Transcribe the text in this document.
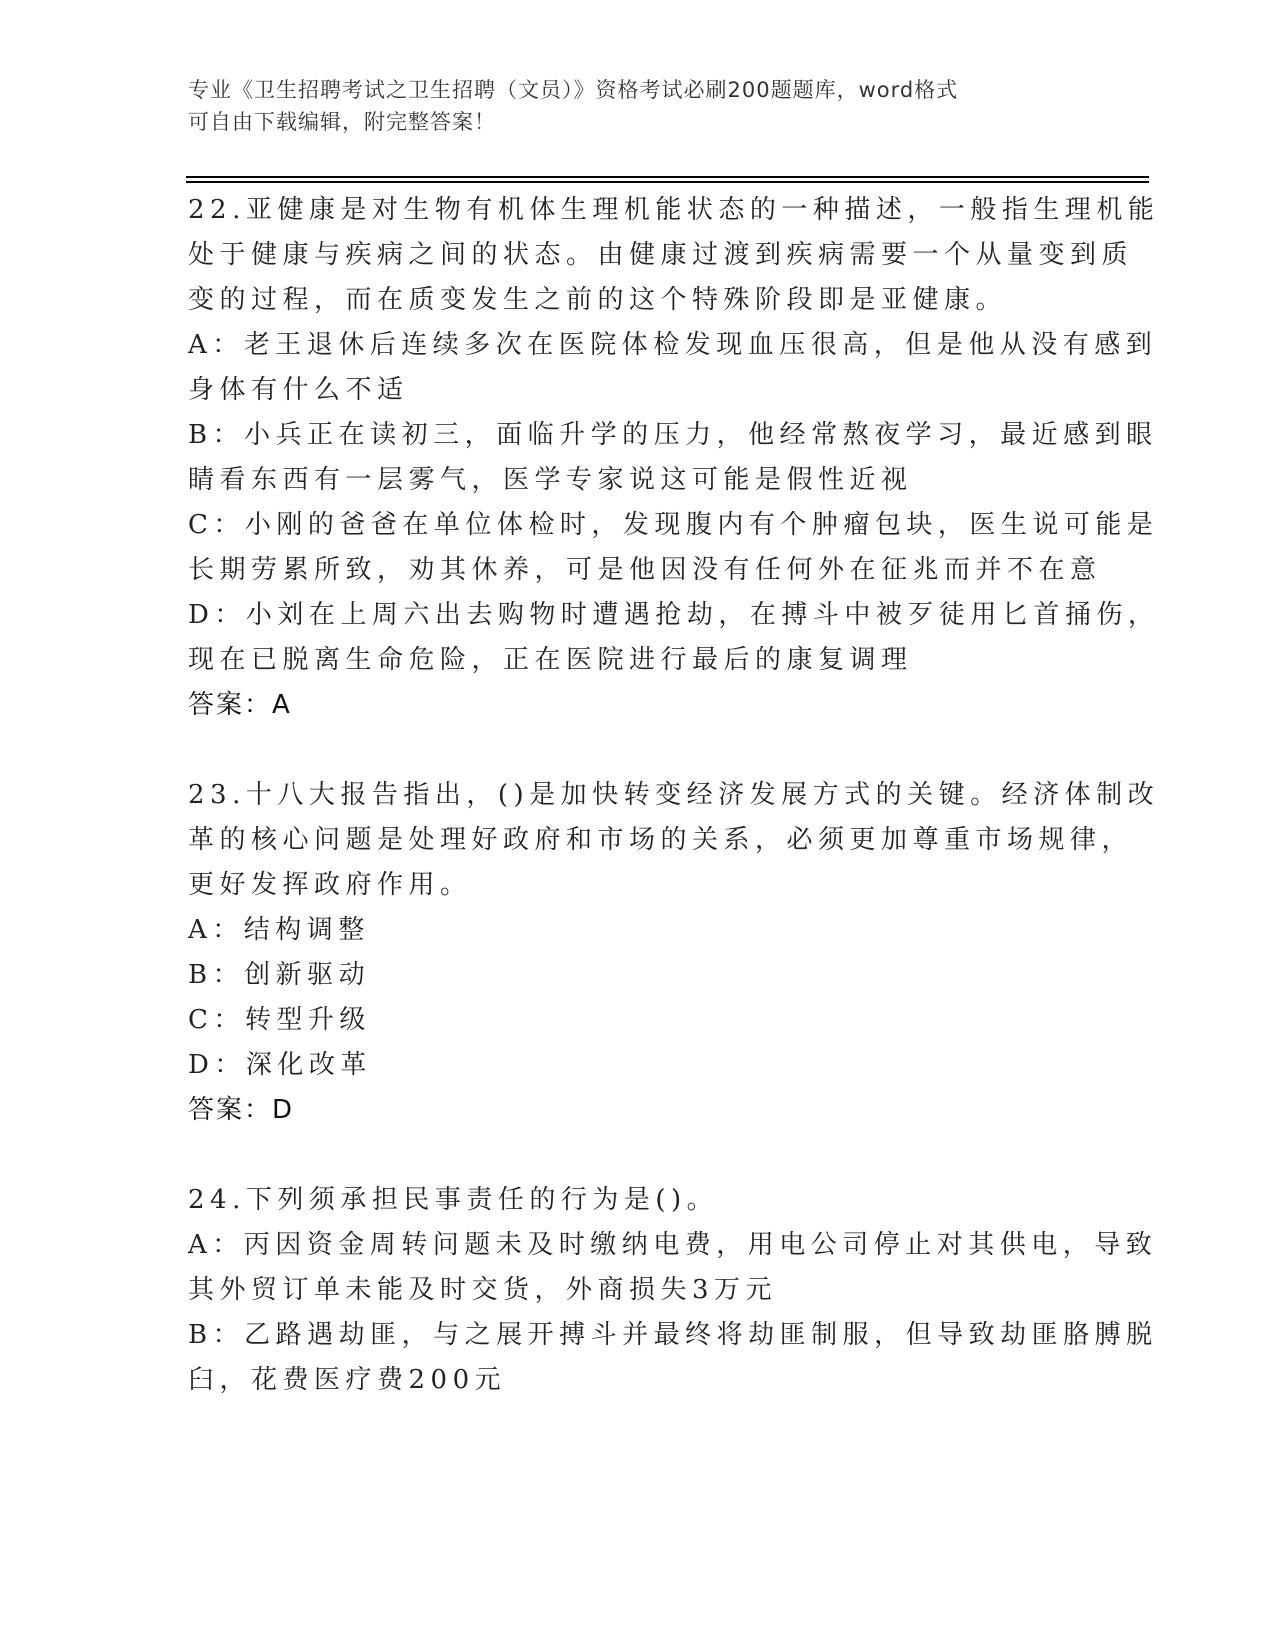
专业《卫生招聘考试之卫生招聘（文员）》资格考试必刷200题题库，word格式
可自由下载编辑，附完整答案！
22.亚健康是对生物有机体生理机能状态的一种描述，一般指生理机能
处于健康与疾病之间的状态。由健康过渡到疾病需要一个从量变到质
变的过程，而在质变发生之前的这个特殊阶段即是亚健康。
A：老王退休后连续多次在医院体检发现血压很高，但是他从没有感到
身体有什么不适
B：小兵正在读初三，面临升学的压力，他经常熬夜学习，最近感到眼
睛看东西有一层雾气，医学专家说这可能是假性近视
C：小刚的爸爸在单位体检时，发现腹内有个肿瘤包块，医生说可能是
长期劳累所致，劝其休养，可是他因没有任何外在征兆而并不在意
D：小刘在上周六出去购物时遭遇抢劫，在搏斗中被歹徒用匕首捅伤，
现在已脱离生命危险，正在医院进行最后的康复调理
答案：A
23.十八大报告指出，()是加快转变经济发展方式的关键。经济体制改
革的核心问题是处理好政府和市场的关系，必须更加尊重市场规律，
更好发挥政府作用。
A：结构调整
B：创新驱动
C：转型升级
D：深化改革
答案：D
24.下列须承担民事责任的行为是()。
A：丙因资金周转问题未及时缴纳电费，用电公司停止对其供电，导致
其外贸订单未能及时交货，外商损失3万元
B：乙路遇劫匪，与之展开搏斗并最终将劫匪制服，但导致劫匪胳膊脱
臼，花费医疗费200元
